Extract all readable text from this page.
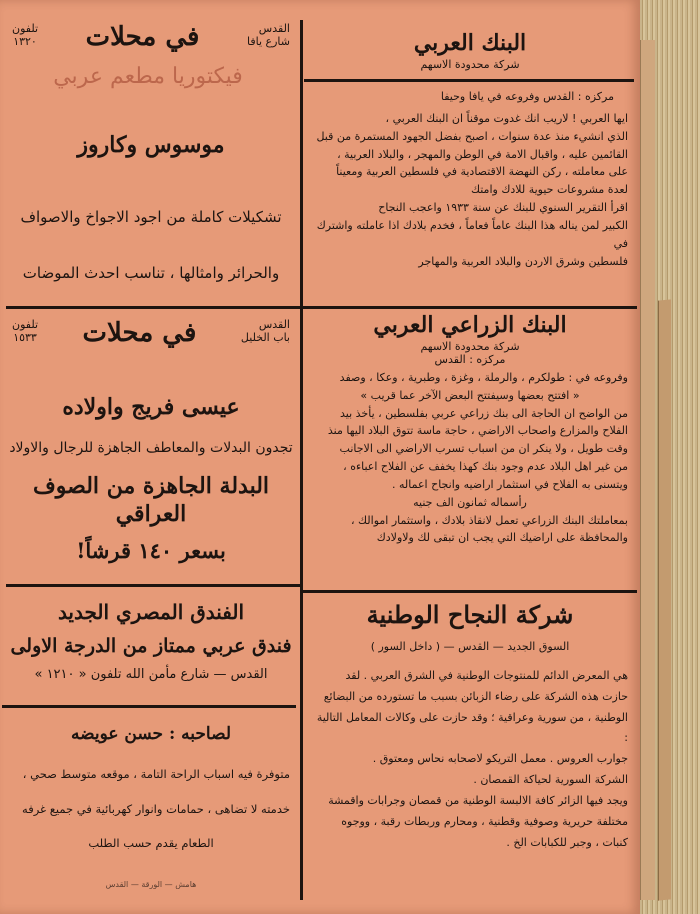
تلفون
١٣٢٠ في محلات	القدس
شارع يافا
فيكتوريا مطعم عربي

موسوس وكاروز

تشكيلات كاملة من اجود الاجواخ والاصواف

والحرائر وامثالها ، تناسب احدث الموضات

تلفون
١٥٣٣ في محلات	القدس
باب الخليل

عيسى فريج واولاده

تجدون البدلات والمعاطف الجاهزة للرجال والاولاد

البدلة الجاهزة من الصوف العراقي

بسعر ١٤٠ قرشاً!

الفندق المصري الجديد

فندق عربي ممتاز من الدرجة الاولى

القدس — شارع مأمن الله تلفون « ١٢١٠ »

لصاحبه : حسن عويضه

متوفرة فيه اسباب الراحة التامة ، موقعه متوسط صحي ،

خدمته لا تضاهى ، حمامات وانوار كهربائية في جميع غرفه

الطعام يقدم حسب الطلب

هامش — الورقة — القدس

البنك العربي

شركة محدودة الاسهم

مركزه : القدس وفروعه في يافا وحيفا

ايها العربي ! لاريب انك غدوت موقناً ان البنك العربي ،
الذي انشيء منذ عدة سنوات ، اصبح بفضل الجهود المستمرة من قبل
القائمين عليه ، واقبال الامة في الوطن والمهجر ، والبلاد العربية ،
على معاملته ، ركن النهضة الاقتصادية في فلسطين العربية ومعيناً
لعدة مشروعات حيوية للادك وامتك
اقرأ التقرير السنوي للبنك عن سنة ١٩٣٣ واعجب النجاح
الكبير لمن يناله هذا البنك عاماً فعاماً ، فخدم بلادك اذا عاملته واشترك في
فلسطين وشرق الاردن والبلاد العربية والمهاجر

البنك الزراعي العربي

شركة محدودة الاسهم

مركزه : القدس

وفروعه في : طولكرم ، والرملة ، وغزة ، وطبرية ، وعكا ، وصفد
« افتتح بعضها وسيفتتح البعض الآخر عما قريب »
من الواضح ان الحاجة الى بنك زراعي عربي بفلسطين ، يأخذ بيد
الفلاح والمزارع واصحاب الاراضي ، حاجة ماسة تتوق البلاد اليها منذ
وقت طويل ، ولا ينكر ان من اسباب تسرب الاراضي الى الاجانب
من غير اهل البلاد عدم وجود بنك كهذا يخفف عن الفلاح اعباءه ،
ويتسنى به الفلاح في استثمار اراضيه وانجاح اعماله .
رأسماله ثمانون الف جنيه
بمعاملتك البنك الزراعي تعمل لانقاذ بلادك ، واستثمار اموالك ،
والمحافظة على اراضيك التي يجب ان تبقى لك ولاولادك

شركة النجاح الوطنية

السوق الجديد — القدس — ( داخل السور )

هي المعرض الدائم للمنتوجات الوطنية في الشرق العربي . لقد
حازت هذه الشركة على رضاء الزبائن بسبب ما تستورده من البضائع
الوطنية ، من سورية وعراقية ؛ وقد حازت على وكالات المعامل التالية :
جوارب العروس . معمل التريكو لاصحابه نحاس ومعتوق .
الشركة السورية لحياكة القمصان .
ويجد فيها الزائر كافة الالبسة الوطنية من قمصان وجرابات واقمشة
مختلفة حريرية وصوفية وقطنية ، ومحارم وربطات رقبة ، ووجوه
كنبات ، وجبر للكبابات الخ .
